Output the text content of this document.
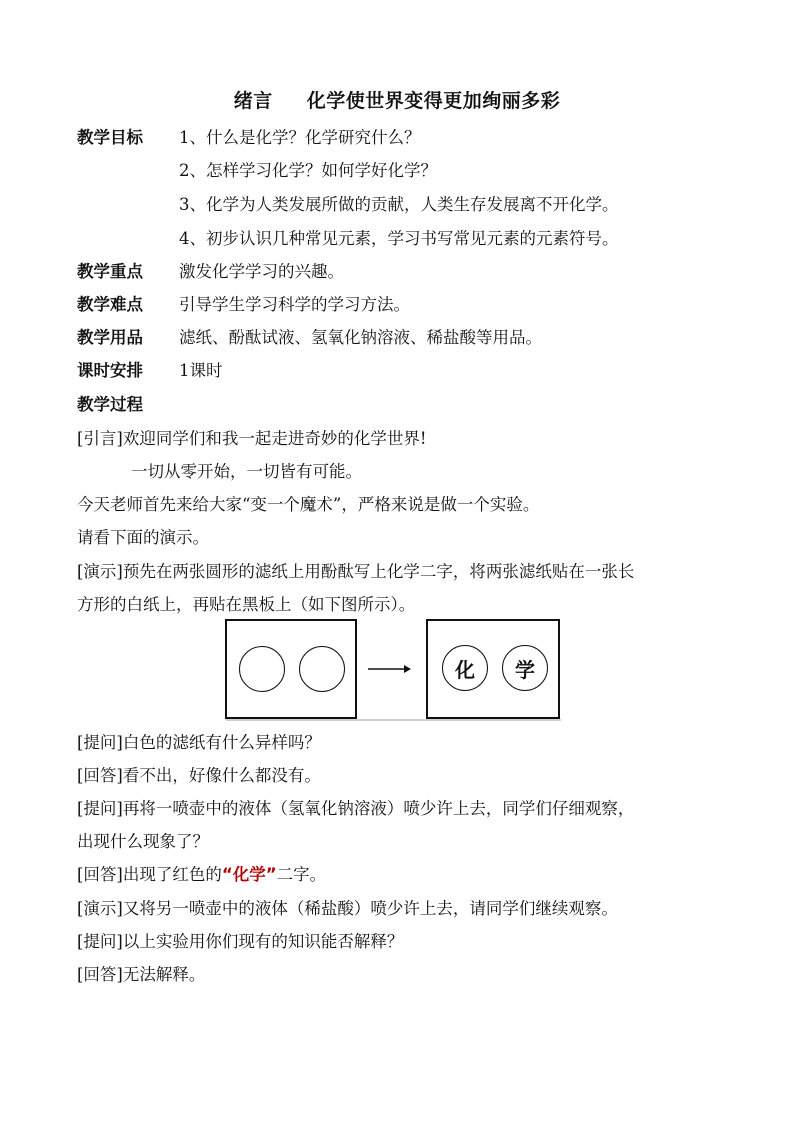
绪言 化学使世界变得更加绚丽多彩
教学目标 1、什么是化学？化学研究什么？
2、怎样学习化学？如何学好化学？
3、化学为人类发展所做的贡献，人类生存发展离不开化学。
4、初步认识几种常见元素，学习书写常见元素的元素符号。
教学重点 激发化学学习的兴趣。
教学难点 引导学生学习科学的学习方法。
教学用品 滤纸、酚酞试液、氢氧化钠溶液、稀盐酸等用品。
课时安排 1课时
教学过程
[引言]欢迎同学们和我一起走进奇妙的化学世界!
一切从零开始，一切皆有可能。
今天老师首先来给大家“变一个魔术”，严格来说是做一个实验。
请看下面的演示。
[演示]预先在两张圆形的滤纸上用酚酞写上化学二字，将两张滤纸贴在一张长
方形的白纸上，再贴在黑板上（如下图所示）。
化 学
[提问]白色的滤纸有什么异样吗？
[回答]看不出，好像什么都没有。
[提问]再将一喷壶中的液体（氢氧化钠溶液）喷少许上去，同学们仔细观察，
出现什么现象了？
[回答]出现了红色的“化学”二字。
[演示]又将另一喷壶中的液体（稀盐酸）喷少许上去，请同学们继续观察。
[提问]以上实验用你们现有的知识能否解释？
[回答]无法解释。
